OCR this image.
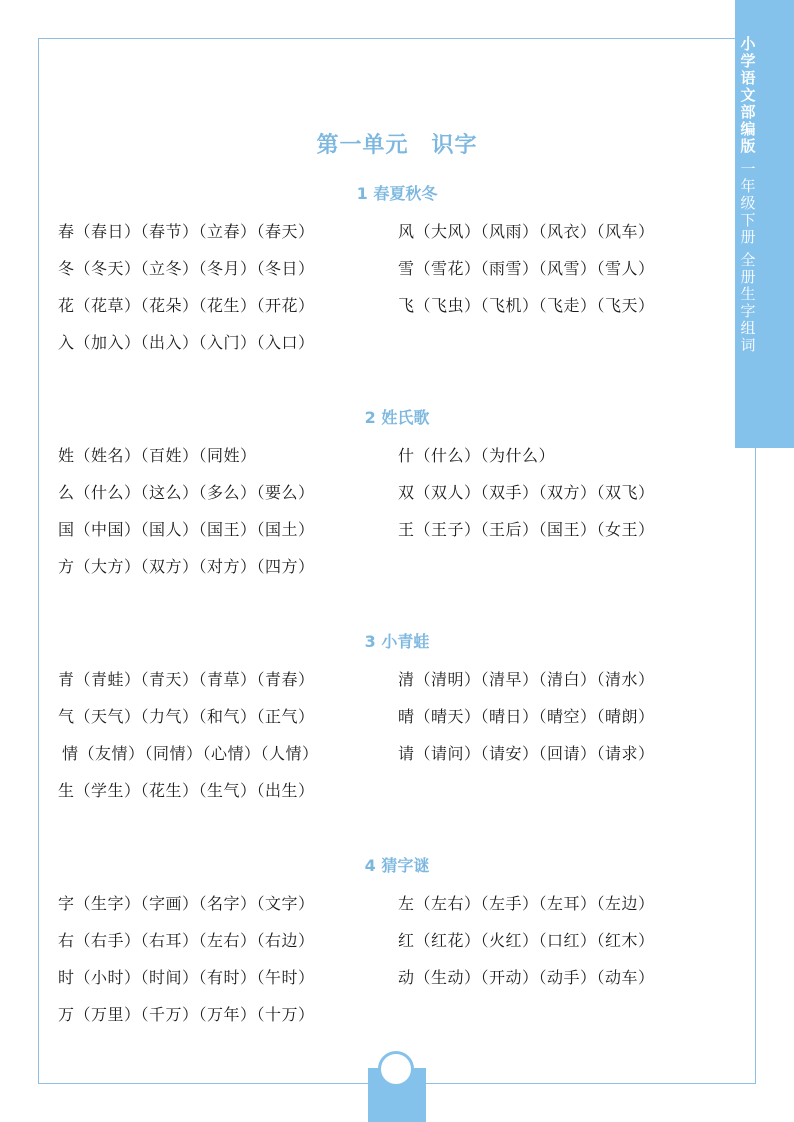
小
学
语
文
部
编
版
一
年
级
下
册
全
册
生
字
组
词
第一单元　识字
1 春夏秋冬
春（春日）（春节）（立春）（春天）
冬（冬天）（立冬）（冬月）（冬日）
花（花草）（花朵）（花生）（开花）
入（加入）（出入）（入门）（入口）
风（大风）（风雨）（风衣）（风车）
雪（雪花）（雨雪）（风雪）（雪人）
飞（飞虫）（飞机）（飞走）（飞天）
2 姓氏歌
姓（姓名）（百姓）（同姓）
么（什么）（这么）（多么）（要么）
国（中国）（国人）（国王）（国土）
方（大方）（双方）（对方）（四方）
什（什么）（为什么）
双（双人）（双手）（双方）（双飞）
王（王子）（王后）（国王）（女王）
3 小青蛙
青（青蛙）（青天）（青草）（青春）
气（天气）（力气）（和气）（正气）
情（友情）（同情）（心情）（人情）
生（学生）（花生）（生气）（出生）
清（清明）（清早）（清白）（清水）
晴（晴天）（晴日）（晴空）（晴朗）
请（请问）（请安）（回请）（请求）
4 猜字谜
字（生字）（字画）（名字）（文字）
右（右手）（右耳）（左右）（右边）
时（小时）（时间）（有时）（午时）
万（万里）（千万）（万年）（十万）
左（左右）（左手）（左耳）（左边）
红（红花）（火红）（口红）（红木）
动（生动）（开动）（动手）（动车）
